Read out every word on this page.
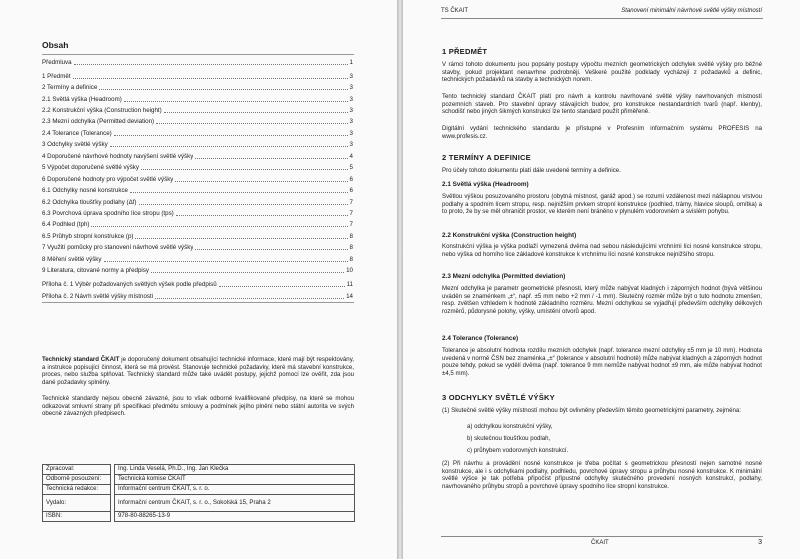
Obsah
Předmluva	1
1 Předmět	3
2 Termíny a definice	3
2.1 Světlá výška (Headroom)	3
2.2 Konstrukční výška (Construction height)	3
2.3 Mezní odchylka (Permitted deviation)	3
2.4 Tolerance (Tolerance)	3
3 Odchylky světlé výšky	3
4 Doporučené návrhové hodnoty navýšení světlé výšky	4
5 Výpočet doporučené světlé výšky	5
6 Doporučené hodnoty pro výpočet světlé výšky	6
6.1 Odchylky nosné konstrukce	6
6.2 Odchylka tloušťky podlahy (Δf)	7
6.3 Povrchová úprava spodního líce stropu (tps)	7
6.4 Podhled (tph)	7
6.5 Průhyb stropní konstrukce (p)	8
7 Využití pomůcky pro stanovení návrhové světlé výšky	8
8 Měření světlé výšky	8
9 Literatura, citované normy a předpisy	10
Příloha č. 1 Výběr požadovaných světlých výšek podle předpisů	11
Příloha č. 2 Návrh světlé výšky místností	14
Technický standard ČKAIT je doporučený dokument obsahující technické informace, které mají být respektovány, a instrukce popisující činnost, která se má provést. Stanovuje technické požadavky, které má stavební konstrukce, proces, nebo služba splňovat. Technický standard může také uvádět postupy, jejichž pomocí lze ověřit, zda jsou dané požadavky splněny.
Technické standardy nejsou obecně závazné, jsou to však odborně kvalifikované předpisy, na které se mohou odkazovat smluvní strany při specifikaci předmětu smlouvy a podmínek jejího plnění nebo státní autorita ve svých obecně závazných předpisech.
Zpracoval:		Ing. Linda Veselá, Ph.D., Ing. Jan Klečka
Odborně posouzení:		Technická komise ČKAIT
Technická redakce:		Informační centrum ČKAIT, s. r. o.
Vydalo:		Informační centrum ČKAIT, s. r. o., Sokolská 15, Praha 2
ISBN:		978-80-88265-13-9
TS ČKAIT	Stanovení minimální návrhové světlé výšky místností
1 PŘEDMĚT
V rámci tohoto dokumentu jsou popsány postupy výpočtu mezních geometrických odchylek světlé výšky pro běžné stavby, pokud projektant nenavrhne podrobněji. Veškeré použité podklady vycházejí z požadavků a definic, technických požadavků na stavby a technických norem.
Tento technický standard ČKAIT platí pro návrh a kontrolu navrhované světlé výšky navrhovaných místností pozemních staveb. Pro stavební úpravy stávajících budov, pro konstrukce nestandardních tvarů (např. klenby), schodišť nebo jiných šikmých konstrukcí lze tento standard použít přiměřeně.
Digitální vydání technického standardu je přístupné v Profesním informačním systému PROFESIS na www.profesis.cz.
2 TERMÍNY A DEFINICE
Pro účely tohoto dokumentu platí dále uvedené termíny a definice.
2.1 Světlá výška (Headroom)
Světlou výškou posuzovaného prostoru (obytná místnost, garáž apod.) se rozumí vzdálenost mezi nášlapnou vrstvou podlahy a spodním lícem stropu, resp. nejnižším prvkem stropní konstrukce (podhled, trámy, hlavice sloupů, omítka) a to proto, že by se měl ohraničit prostor, ve kterém není bráněno v plynulém vodorovném a svislém pohybu.
2.2 Konstrukční výška (Construction height)
Konstrukční výška je výška podlaží vymezená dvěma nad sebou následujícími vrchními líci nosné konstrukce stropu, nebo výška od horního líce základové konstrukce k vrchnímu líci nosné konstrukce nejnižšího stropu.
2.3 Mezní odchylka (Permitted deviation)
Mezní odchylka je parametr geometrické přesnosti, který může nabývat kladných i záporných hodnot (bývá většinou uváděn se znaménkem „±“, např. ±5 mm nebo +2 mm / -1 mm). Skutečný rozměr může být o tuto hodnotu zmenšen, resp. zvětšen vzhledem k hodnotě základního rozměru. Mezní odchylkou se vyjadřují především odchylky délkových rozměrů, půdorysné polohy, výšky, umístění otvorů apod.
2.4 Tolerance (Tolerance)
Tolerance je absolutní hodnota rozdílu mezních odchylek (např. tolerance mezní odchylky ±5 mm je 10 mm). Hodnota uvedená v normě ČSN bez znaménka „±“ (tolerance v absolutní hodnotě) může nabývat kladných a záporných hodnot pouze tehdy, pokud se vydělí dvěma (např. tolerance 9 mm nemůže nabývat hodnot ±9 mm, ale může nabývat hodnot ±4,5 mm).
3 ODCHYLKY SVĚTLÉ VÝŠKY
(1) Skutečné světlé výšky místností mohou být ovlivněny především těmito geometrickými parametry, zejména:
a) odchylkou konstrukční výšky,
b) skutečnou tloušťkou podlah,
c) průhybem vodorovných konstrukcí.
(2) Při návrhu a provádění nosné konstrukce je třeba počítat s geometrickou přesností nejen samotné nosné konstrukce, ale i s odchylkami podlahy, podhledu, povrchové úpravy stropu a průhybu nosné konstrukce. K minimální světlé výšce je tak potřeba připočíst přípustné odchylky skutečného provedení nosných konstrukcí, podlahy, navrhovaného průhybu stropů a povrchové úpravy spodního líce stropní konstrukce.
ČKAIT	3
